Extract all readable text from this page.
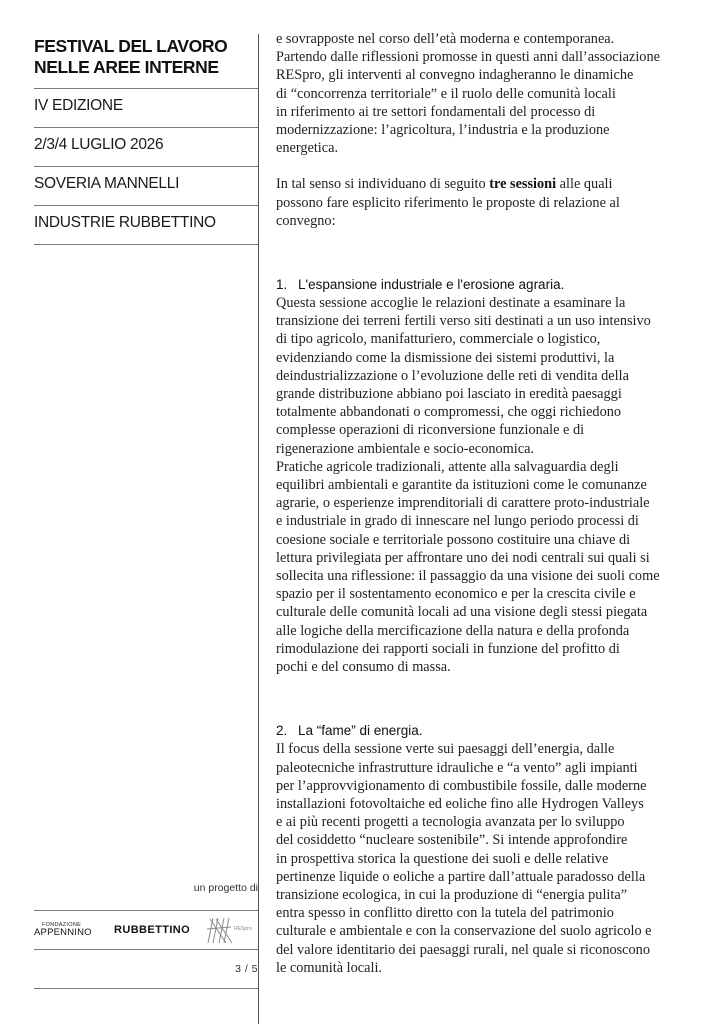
FESTIVAL DEL LAVORO
NELLE AREE INTERNE
IV EDIZIONE
2/3/4 LUGLIO 2026
SOVERIA MANNELLI
INDUSTRIE RUBBETTINO
un progetto di
FONDAZIONE
APPENNINO RUBBETTINO	RESpro
3 / 5

e sovrapposte nel corso dell’età moderna e contemporanea.

Partendo dalle riflessioni promosse in questi anni dall’associazione

RESpro, gli interventi al convegno indagheranno le dinamiche

di “concorrenza territoriale” e il ruolo delle comunità locali

in riferimento ai tre settori fondamentali del processo di

modernizzazione: l’agricoltura, l’industria e la produzione

energetica.

In tal senso si individuano di seguito tre sessioni alle quali

possono fare esplicito riferimento le proposte di relazione al

convegno:

1. L'espansione industriale e l'erosione agraria.

Questa sessione accoglie le relazioni destinate a esaminare la

transizione dei terreni fertili verso siti destinati a un uso intensivo

di tipo agricolo, manifatturiero, commerciale o logistico,

evidenziando come la dismissione dei sistemi produttivi, la

deindustrializzazione o l’evoluzione delle reti di vendita della

grande distribuzione abbiano poi lasciato in eredità paesaggi

totalmente abbandonati o compromessi, che oggi richiedono

complesse operazioni di riconversione funzionale e di

rigenerazione ambientale e socio-economica.

Pratiche agricole tradizionali, attente alla salvaguardia degli

equilibri ambientali e garantite da istituzioni come le comunanze

agrarie, o esperienze imprenditoriali di carattere proto-industriale

e industriale in grado di innescare nel lungo periodo processi di

coesione sociale e territoriale possono costituire una chiave di

lettura privilegiata per affrontare uno dei nodi centrali sui quali si

sollecita una riflessione: il passaggio da una visione dei suoli come

spazio per il sostentamento economico e per la crescita civile e

culturale delle comunità locali ad una visione degli stessi piegata

alle logiche della mercificazione della natura e della profonda

rimodulazione dei rapporti sociali in funzione del profitto di

pochi e del consumo di massa.

2. La “fame” di energia.

Il focus della sessione verte sui paesaggi dell’energia, dalle

paleotecniche infrastrutture idrauliche e “a vento” agli impianti

per l’approvvigionamento di combustibile fossile, dalle moderne

installazioni fotovoltaiche ed eoliche fino alle Hydrogen Valleys

e ai più recenti progetti a tecnologia avanzata per lo sviluppo

del cosiddetto “nucleare sostenibile”. Si intende approfondire

in prospettiva storica la questione dei suoli e delle relative

pertinenze liquide o eoliche a partire dall’attuale paradosso della

transizione ecologica, in cui la produzione di “energia pulita”

entra spesso in conflitto diretto con la tutela del patrimonio

culturale e ambientale e con la conservazione del suolo agricolo e

del valore identitario dei paesaggi rurali, nel quale si riconoscono

le comunità locali.
